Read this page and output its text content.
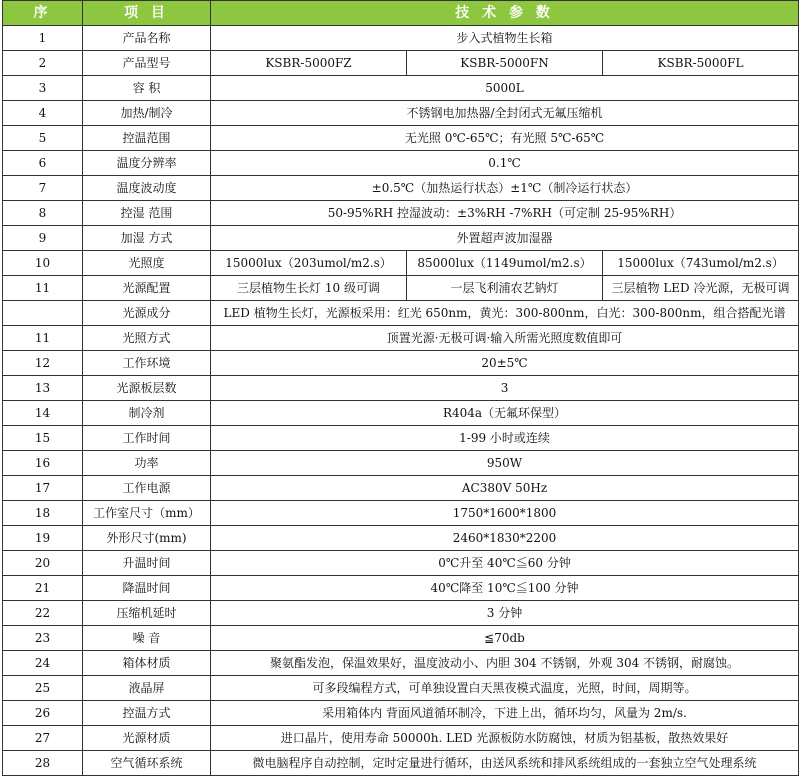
序	项 目	技 术 参 数		
1	产品名称	步入式植物生长箱		
2	产品型号	KSBR-5000FZ	KSBR-5000FN	KSBR-5000FL
3	容 积	5000L		
4	加热/制冷	不锈钢电加热器/全封闭式无氟压缩机		
5	控温范围	无光照 0℃-65℃；有光照 5℃-65℃		
6	温度分辨率	0.1℃		
7	温度波动度	±0.5℃（加热运行状态）±1℃（制冷运行状态）		
8	控湿 范围	50-95%RH 控湿波动：±3%RH -7%RH（可定制 25-95%RH）		
9	加湿 方式	外置超声波加湿器		
10	光照度	15000lux（203umol/m2.s）	85000lux（1149umol/m2.s）	15000lux（743umol/m2.s）
11	光源配置	三层植物生长灯 10 级可调	一层飞利浦农艺钠灯	三层植物 LED 冷光源，无极可调
	光源成分	LED 植物生长灯，光源板采用：红光 650nm，黄光：300-800nm，白光：300-800nm，组合搭配光谱		
11	光照方式	顶置光源·无极可调·输入所需光照度数值即可		
12	工作环境	20±5℃		
13	光源板层数	3		
14	制冷剂	R404a（无氟环保型）		
15	工作时间	1-99 小时或连续		
16	功率	950W		
17	工作电源	AC380V 50Hz		
18	工作室尺寸（mm）	1750*1600*1800		
19	外形尺寸(mm)	2460*1830*2200		
20	升温时间	0℃升至 40℃≦60 分钟		
21	降温时间	40℃降至 10℃≦100 分钟		
22	压缩机延时	3 分钟		
23	噪 音	≦70db		
24	箱体材质	聚氨酯发泡，保温效果好，温度波动小、内胆 304 不锈钢，外观 304 不锈钢，耐腐蚀。		
25	液晶屏	可多段编程方式，可单独设置白天黑夜模式温度，光照，时间，周期等。		
26	控温方式	采用箱体内 背面风道循环制冷，下进上出，循环均匀，风量为 2m/s.		
27	光源材质	进口晶片，使用寿命 50000h. LED 光源板防水防腐蚀，材质为铝基板，散热效果好		
28	空气循环系统	微电脑程序自动控制，定时定量进行循环，由送风系统和排风系统组成的一套独立空气处理系统		
